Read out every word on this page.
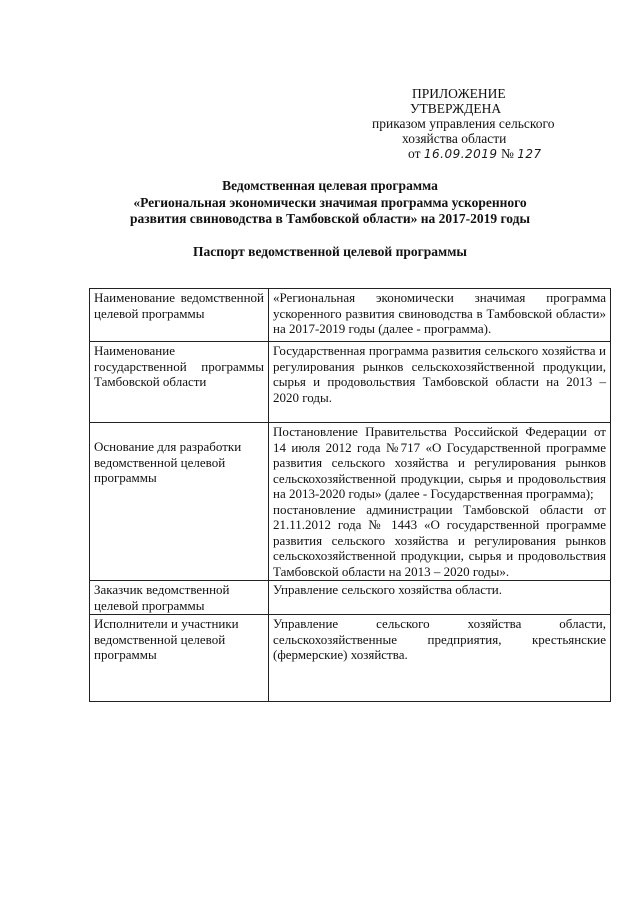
ПРИЛОЖЕНИЕ
УТВЕРЖДЕНА
приказом управления сельского
хозяйства области
от 16.09.2019 № 127
Ведомственная целевая программа
«Региональная экономически значимая программа ускоренного
развития свиноводства в Тамбовской области» на 2017-2019 годы
Паспорт ведомственной целевой программы
Наименование ведомственной целевой программы	«Региональная экономически значимая программа ускоренного развития свиноводства в Тамбовской области» на 2017-2019 годы (далее - программа).
Наименование государственной программы Тамбовской области	Государственная программа развития сельского хозяйства и регулирования рынков сельскохозяйственной продукции, сырья и продовольствия Тамбовской области на 2013 – 2020 годы.
Основание для разработки ведомственной целевой программы	Постановление Правительства Российской Федерации от 14 июля 2012 года №717 «О Государственной программе развития сельского хозяйства и регулирования рынков сельскохозяйственной продукции, сырья и продовольствия на 2013-2020 годы» (далее - Государственная программа);
постановление администрации Тамбовской области от 21.11.2012 года № 1443 «О государственной программе развития сельского хозяйства и регулирования рынков сельскохозяйственной продукции, сырья и продовольствия Тамбовской области на 2013 – 2020 годы».

Заказчик ведомственной целевой программы	Управление сельского хозяйства области.
Исполнители и участники ведомственной целевой программы	Управление сельского хозяйства области, сельскохозяйственные предприятия, крестьянские (фермерские) хозяйства.
